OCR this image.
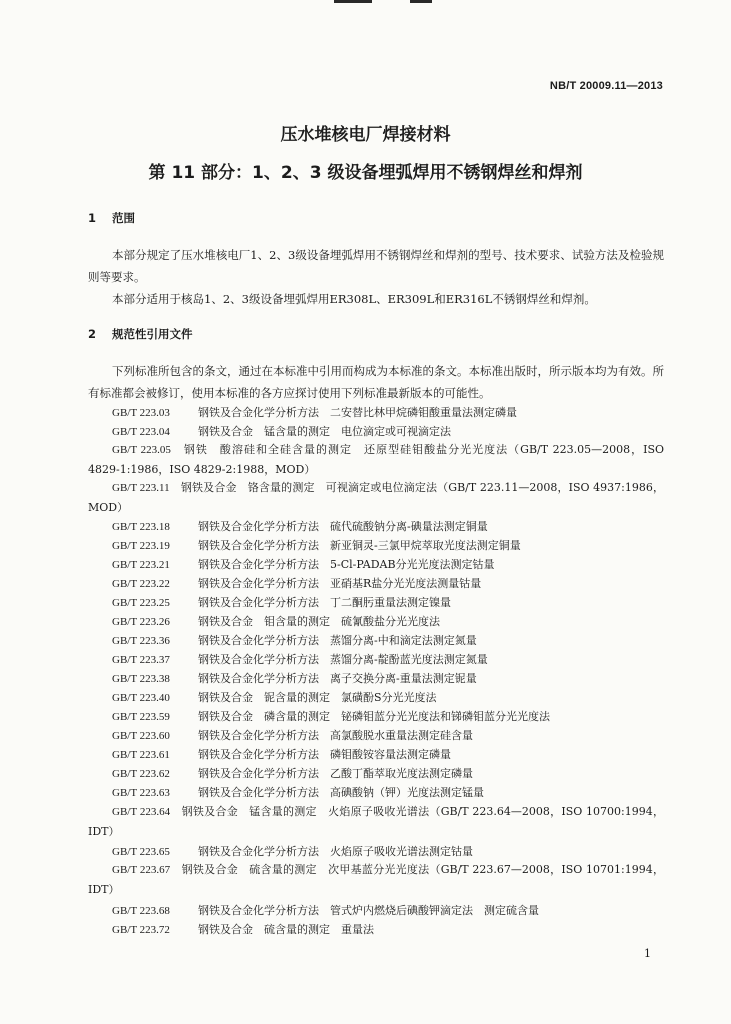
NB/T 20009.11—2013
压水堆核电厂焊接材料
第 11 部分：1、2、3 级设备埋弧焊用不锈钢焊丝和焊剂
1 范围
本部分规定了压水堆核电厂1、2、3级设备埋弧焊用不锈钢焊丝和焊剂的型号、技术要求、试验方法及检验规则等要求。
本部分适用于核岛1、2、3级设备埋弧焊用ER308L、ER309L和ER316L不锈钢焊丝和焊剂。
2 规范性引用文件
下列标准所包含的条文，通过在本标准中引用而构成为本标准的条文。本标准出版时，所示版本均为有效。所有标准都会被修订，使用本标准的各方应探讨使用下列标准最新版本的可能性。
GB/T 223.03	钢铁及合金化学分析方法　二安替比林甲烷磷钼酸重量法测定磷量
GB/T 223.04	钢铁及合金　锰含量的测定　电位滴定或可视滴定法
GB/T 223.05　 钢铁　酸溶硅和全硅含量的测定　还原型硅钼酸盐分光光度法（GB/T 223.05—2008，ISO 4829-1:1986，ISO 4829-2:1988，MOD）
GB/T 223.11　 钢铁及合金　铬含量的测定　可视滴定或电位滴定法（GB/T 223.11—2008，ISO 4937:1986，MOD）
GB/T 223.18	钢铁及合金化学分析方法　硫代硫酸钠分离-碘量法测定铜量
GB/T 223.19	钢铁及合金化学分析方法　新亚铜灵-三氯甲烷萃取光度法测定铜量
GB/T 223.21	钢铁及合金化学分析方法　5-Cl-PADAB分光光度法测定钴量
GB/T 223.22	钢铁及合金化学分析方法　亚硝基R盐分光光度法测量钴量
GB/T 223.25	钢铁及合金化学分析方法　丁二酮肟重量法测定镍量
GB/T 223.26	钢铁及合金　钼含量的测定　硫氰酸盐分光光度法
GB/T 223.36	钢铁及合金化学分析方法　蒸馏分离-中和滴定法测定氮量
GB/T 223.37	钢铁及合金化学分析方法　蒸馏分离-靛酚蓝光度法测定氮量
GB/T 223.38	钢铁及合金化学分析方法　离子交换分离-重量法测定铌量
GB/T 223.40	钢铁及合金　铌含量的测定　氯磺酚S分光光度法
GB/T 223.59	钢铁及合金　磷含量的测定　铋磷钼蓝分光光度法和锑磷钼蓝分光光度法
GB/T 223.60	钢铁及合金化学分析方法　高氯酸脱水重量法测定硅含量
GB/T 223.61	钢铁及合金化学分析方法　磷钼酸铵容量法测定磷量
GB/T 223.62	钢铁及合金化学分析方法　乙酸丁酯萃取光度法测定磷量
GB/T 223.63	钢铁及合金化学分析方法　高碘酸钠（钾）光度法测定锰量
GB/T 223.64　 钢铁及合金　锰含量的测定　火焰原子吸收光谱法（GB/T 223.64—2008，ISO 10700:1994，IDT）
GB/T 223.65	钢铁及合金化学分析方法　火焰原子吸收光谱法测定钴量
GB/T 223.67　 钢铁及合金　硫含量的测定　次甲基蓝分光光度法（GB/T 223.67—2008，ISO 10701:1994，IDT）
GB/T 223.68	钢铁及合金化学分析方法　管式炉内燃烧后碘酸钾滴定法　测定硫含量
GB/T 223.72	钢铁及合金　硫含量的测定　重量法
1
